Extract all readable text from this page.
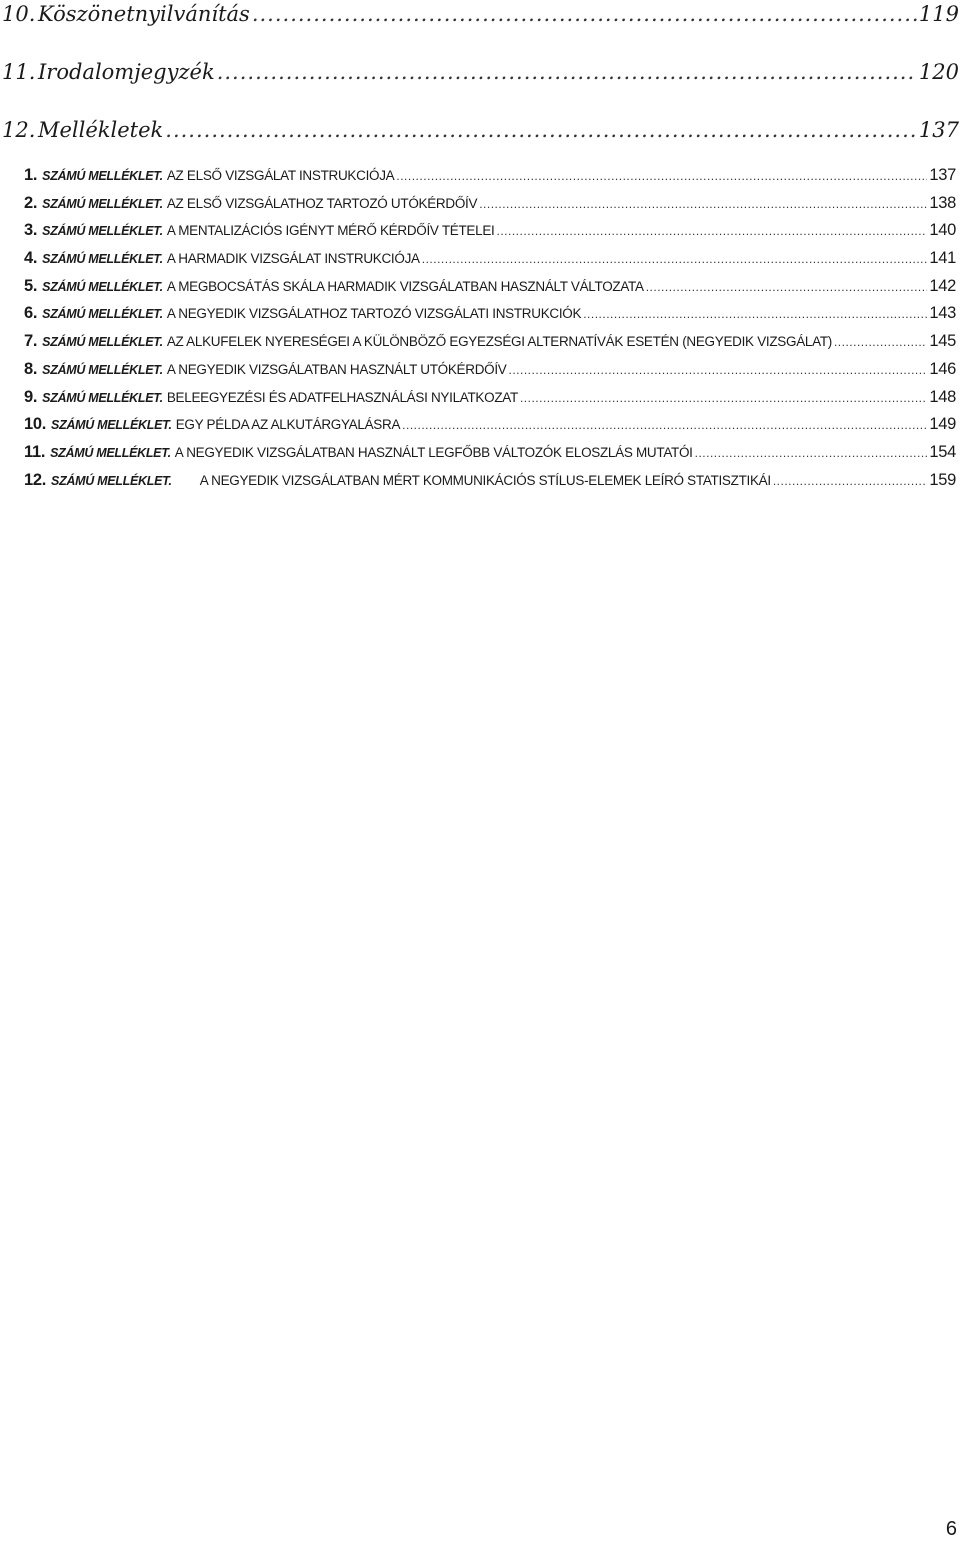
10. Köszönetnyilvánítás .....	119
11. Irodalomjegyzék .....	120
12. Mellékletek .....	137
1. SZÁMÚ MELLÉKLET. AZ ELSŐ VIZSGÁLAT INSTRUKCIÓJA .....	137
2. SZÁMÚ MELLÉKLET. AZ ELSŐ VIZSGÁLATHOZ TARTOZÓ UTÓKÉRDŐÍV .....	138
3. SZÁMÚ MELLÉKLET. A MENTALIZÁCIÓS IGÉNYT MÉRŐ KÉRDŐÍV TÉTELEI .....	140
4. SZÁMÚ MELLÉKLET. A HARMADIK VIZSGÁLAT INSTRUKCIÓJA .....	141
5. SZÁMÚ MELLÉKLET. A MEGBOCSÁTÁS SKÁLA HARMADIK VIZSGÁLATBAN HASZNÁLT VÁLTOZATA .....	142
6. SZÁMÚ MELLÉKLET. A NEGYEDIK VIZSGÁLATHOZ TARTOZÓ VIZSGÁLATI INSTRUKCIÓK .....	143
7. SZÁMÚ MELLÉKLET. AZ ALKUFELEK NYERESÉGEI A KÜLÖNBÖZŐ EGYEZSÉGI ALTERNATÍVÁK ESETÉN (NEGYEDIK VIZSGÁLAT) .....	145
8. SZÁMÚ MELLÉKLET. A NEGYEDIK VIZSGÁLATBAN HASZNÁLT UTÓKÉRDŐÍV .....	146
9. SZÁMÚ MELLÉKLET. BELEEGYEZÉSI ÉS ADATFELHASZNÁLÁSI NYILATKOZAT .....	148
10. SZÁMÚ MELLÉKLET. EGY PÉLDA AZ ALKUTÁRGYALÁSRA .....	149
11. SZÁMÚ MELLÉKLET. A NEGYEDIK VIZSGÁLATBAN HASZNÁLT LEGFŐBB VÁLTOZÓK ELOSZLÁS MUTATÓI .....	154
12. SZÁMÚ MELLÉKLET. A NEGYEDIK VIZSGÁLATBAN MÉRT KOMMUNIKÁCIÓS STÍLUS-ELEMEK LEÍRÓ STATISZTIKÁI .....	159
6
